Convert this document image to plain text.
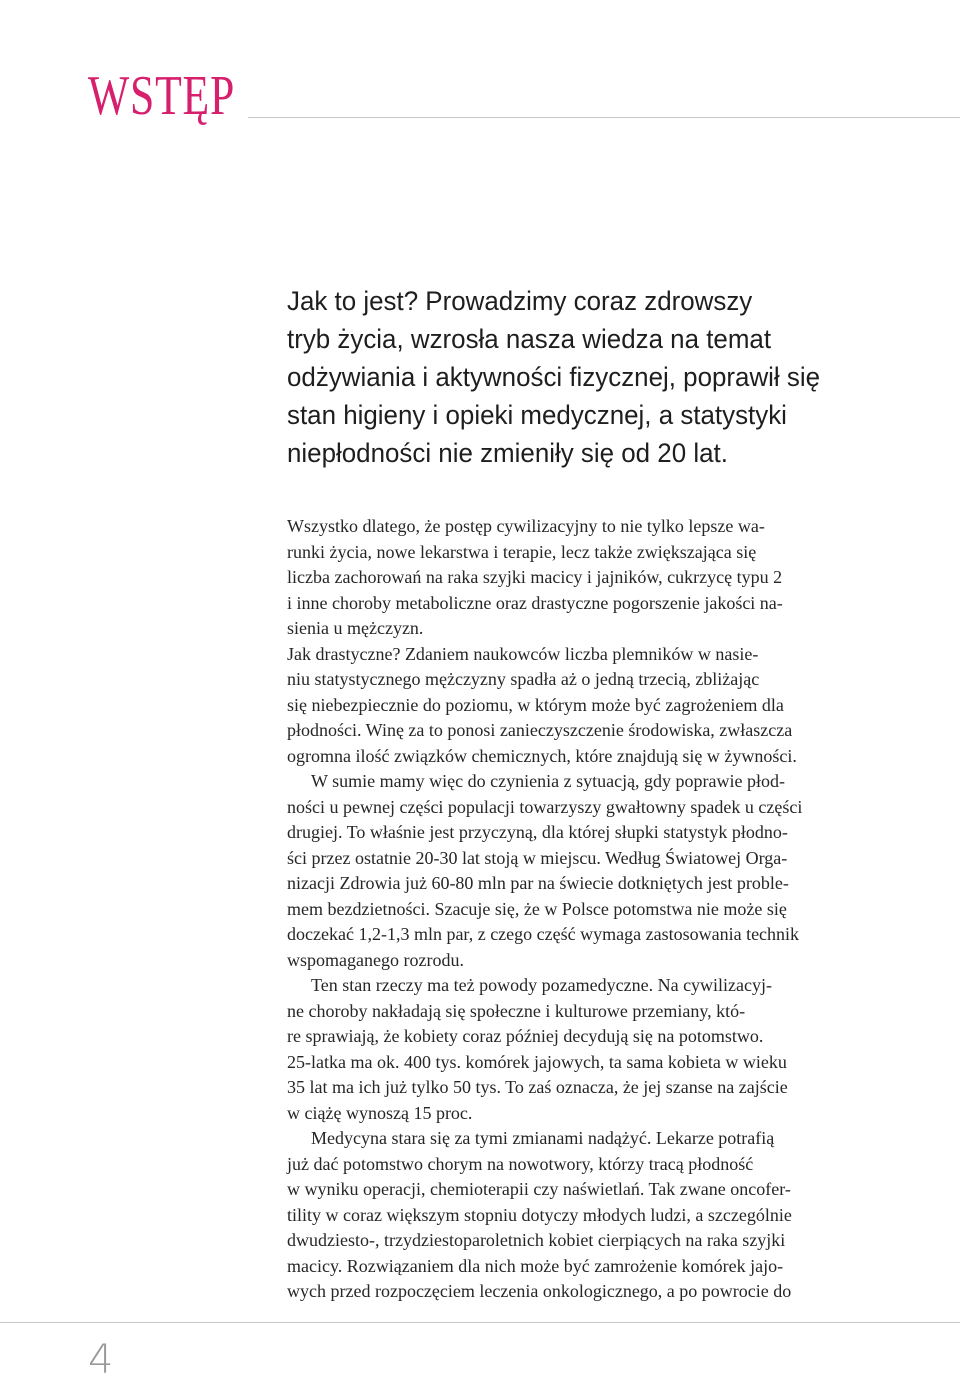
WSTĘP

Jak to jest? Prowadzimy coraz zdrowszy
tryb życia, wzrosła nasza wiedza na temat
odżywiania i aktywności fizycznej, poprawił się
stan higieny i opieki medycznej, a statystyki
niepłodności nie zmieniły się od 20 lat.

Wszystko dlatego, że postęp cywilizacyjny to nie tylko lepsze wa-
runki życia, nowe lekarstwa i terapie, lecz także zwiększająca się
liczba zachorowań na raka szyjki macicy i jajników, cukrzycę typu 2
i inne choroby metaboliczne oraz drastyczne pogorszenie jakości na-
sienia u mężczyzn.

Jak drastyczne? Zdaniem naukowców liczba plemników w nasie-
niu statystycznego mężczyzny spadła aż o jedną trzecią, zbliżając
się niebezpiecznie do poziomu, w którym może być zagrożeniem dla
płodności. Winę za to ponosi zanieczyszczenie środowiska, zwłaszcza
ogromna ilość związków chemicznych, które znajdują się w żywności.

W sumie mamy więc do czynienia z sytuacją, gdy poprawie płod-
ności u pewnej części populacji towarzyszy gwałtowny spadek u części
drugiej. To właśnie jest przyczyną, dla której słupki statystyk płodno-
ści przez ostatnie 20-30 lat stoją w miejscu. Według Światowej Orga-
nizacji Zdrowia już 60-80 mln par na świecie dotkniętych jest proble-
mem bezdzietności. Szacuje się, że w Polsce potomstwa nie może się
doczekać 1,2-1,3 mln par, z czego część wymaga zastosowania technik
wspomaganego rozrodu.

Ten stan rzeczy ma też powody pozamedyczne. Na cywilizacyj-
ne choroby nakładają się społeczne i kulturowe przemiany, któ-
re sprawiają, że kobiety coraz później decydują się na potomstwo.
25-latka ma ok. 400 tys. komórek jajowych, ta sama kobieta w wieku
35 lat ma ich już tylko 50 tys. To zaś oznacza, że jej szanse na zajście
w ciążę wynoszą 15 proc.

Medycyna stara się za tymi zmianami nadążyć. Lekarze potrafią
już dać potomstwo chorym na nowotwory, którzy tracą płodność
w wyniku operacji, chemioterapii czy naświetlań. Tak zwane oncofer-
tility w coraz większym stopniu dotyczy młodych ludzi, a szczególnie
dwudziesto-, trzydziestoparoletnich kobiet cierpiących na raka szyjki
macicy. Rozwiązaniem dla nich może być zamrożenie komórek jajo-
wych przed rozpoczęciem leczenia onkologicznego, a po powrocie do

4
